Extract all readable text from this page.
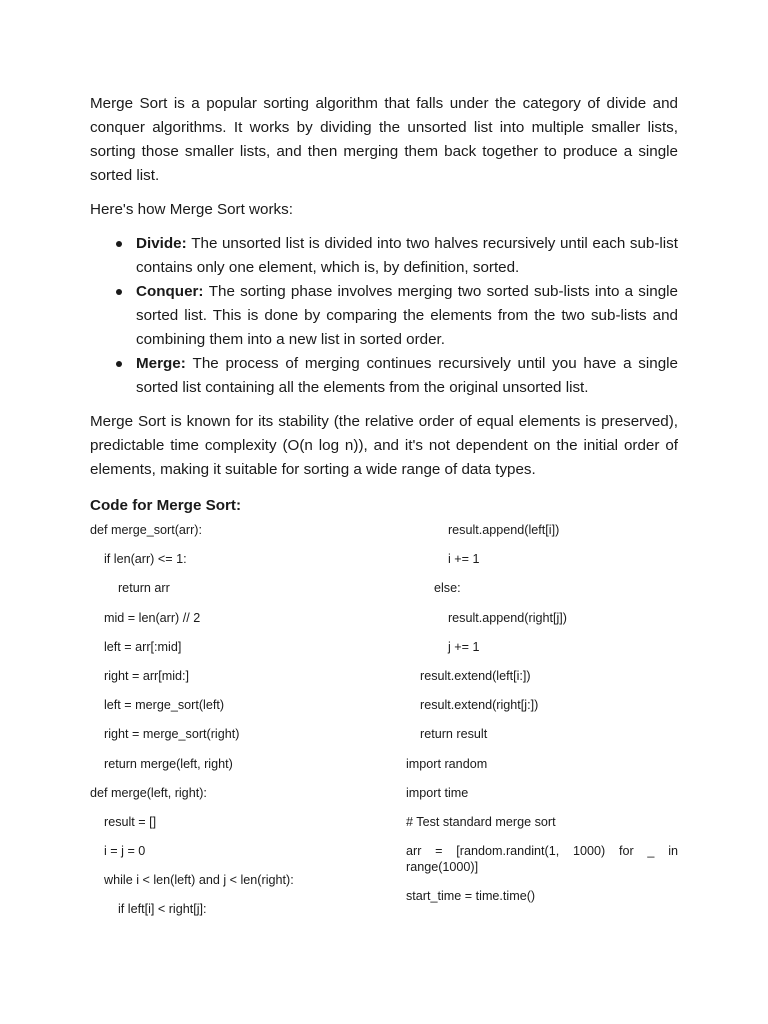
Merge Sort is a popular sorting algorithm that falls under the category of divide and conquer algorithms. It works by dividing the unsorted list into multiple smaller lists, sorting those smaller lists, and then merging them back together to produce a single sorted list.

Here's how Merge Sort works:

Divide: The unsorted list is divided into two halves recursively until each sub-list contains only one element, which is, by definition, sorted.
Conquer: The sorting phase involves merging two sorted sub-lists into a single sorted list. This is done by comparing the elements from the two sub-lists and combining them into a new list in sorted order.
Merge: The process of merging continues recursively until you have a single sorted list containing all the elements from the original unsorted list.

Merge Sort is known for its stability (the relative order of equal elements is preserved), predictable time complexity (O(n log n)), and it's not dependent on the initial order of elements, making it suitable for sorting a wide range of data types.

Code for Merge Sort:
def merge_sort(arr):
if len(arr) <= 1:
return arr
mid = len(arr) // 2
left = arr[:mid]
right = arr[mid:]
left = merge_sort(left)
right = merge_sort(right)
return merge(left, right)
def merge(left, right):
result = []
i = j = 0
while i < len(left) and j < len(right):
if left[i] < right[j]:
result.append(left[i])
i += 1
else:
result.append(right[j])
j += 1
result.extend(left[i:])
result.extend(right[j:])
return result
import random
import time
# Test standard merge sort
arr = [random.randint(1, 1000) for _ in range(1000)]
start_time = time.time()
